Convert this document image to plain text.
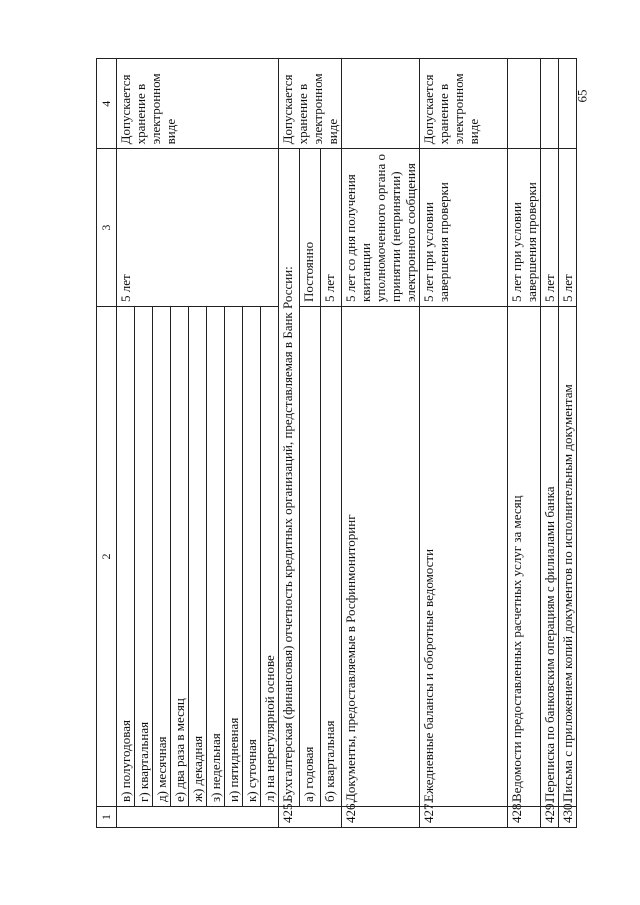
65
1	2	3	4
	в) полугодовая	5 лет	Допускается хранение в электронном виде
	г) квартальная		
	д) месячная		
	е) два раза в месяц		
	ж) декадная		
	з) недельная		
	и) пятидневная		
	к) суточная		
	л) на нерегулярной основе		
425.	Бухгалтерская (финансовая) отчетность кредитных организаций, представляемая в Банк России:		Допускается хранение в электронном виде
	а) годовая	Постоянно	
	б) квартальная	5 лет	
426.	Документы, предоставляемые в Росфинмониторинг	5 лет со дня получения квитанции уполномоченного органа о принятии (непринятии) электронного сообщения	
427.	Ежедневные балансы и оборотные ведомости	5 лет при условии завершения проверки	Допускается хранение в электронном виде
428.	Ведомости предоставленных расчетных услуг за месяц	5 лет при условии завершения проверки	
429.	Переписка по банковским операциям с филиалами банка	5 лет	
430.	Письма с приложением копий документов по исполнительным документам	5 лет	
